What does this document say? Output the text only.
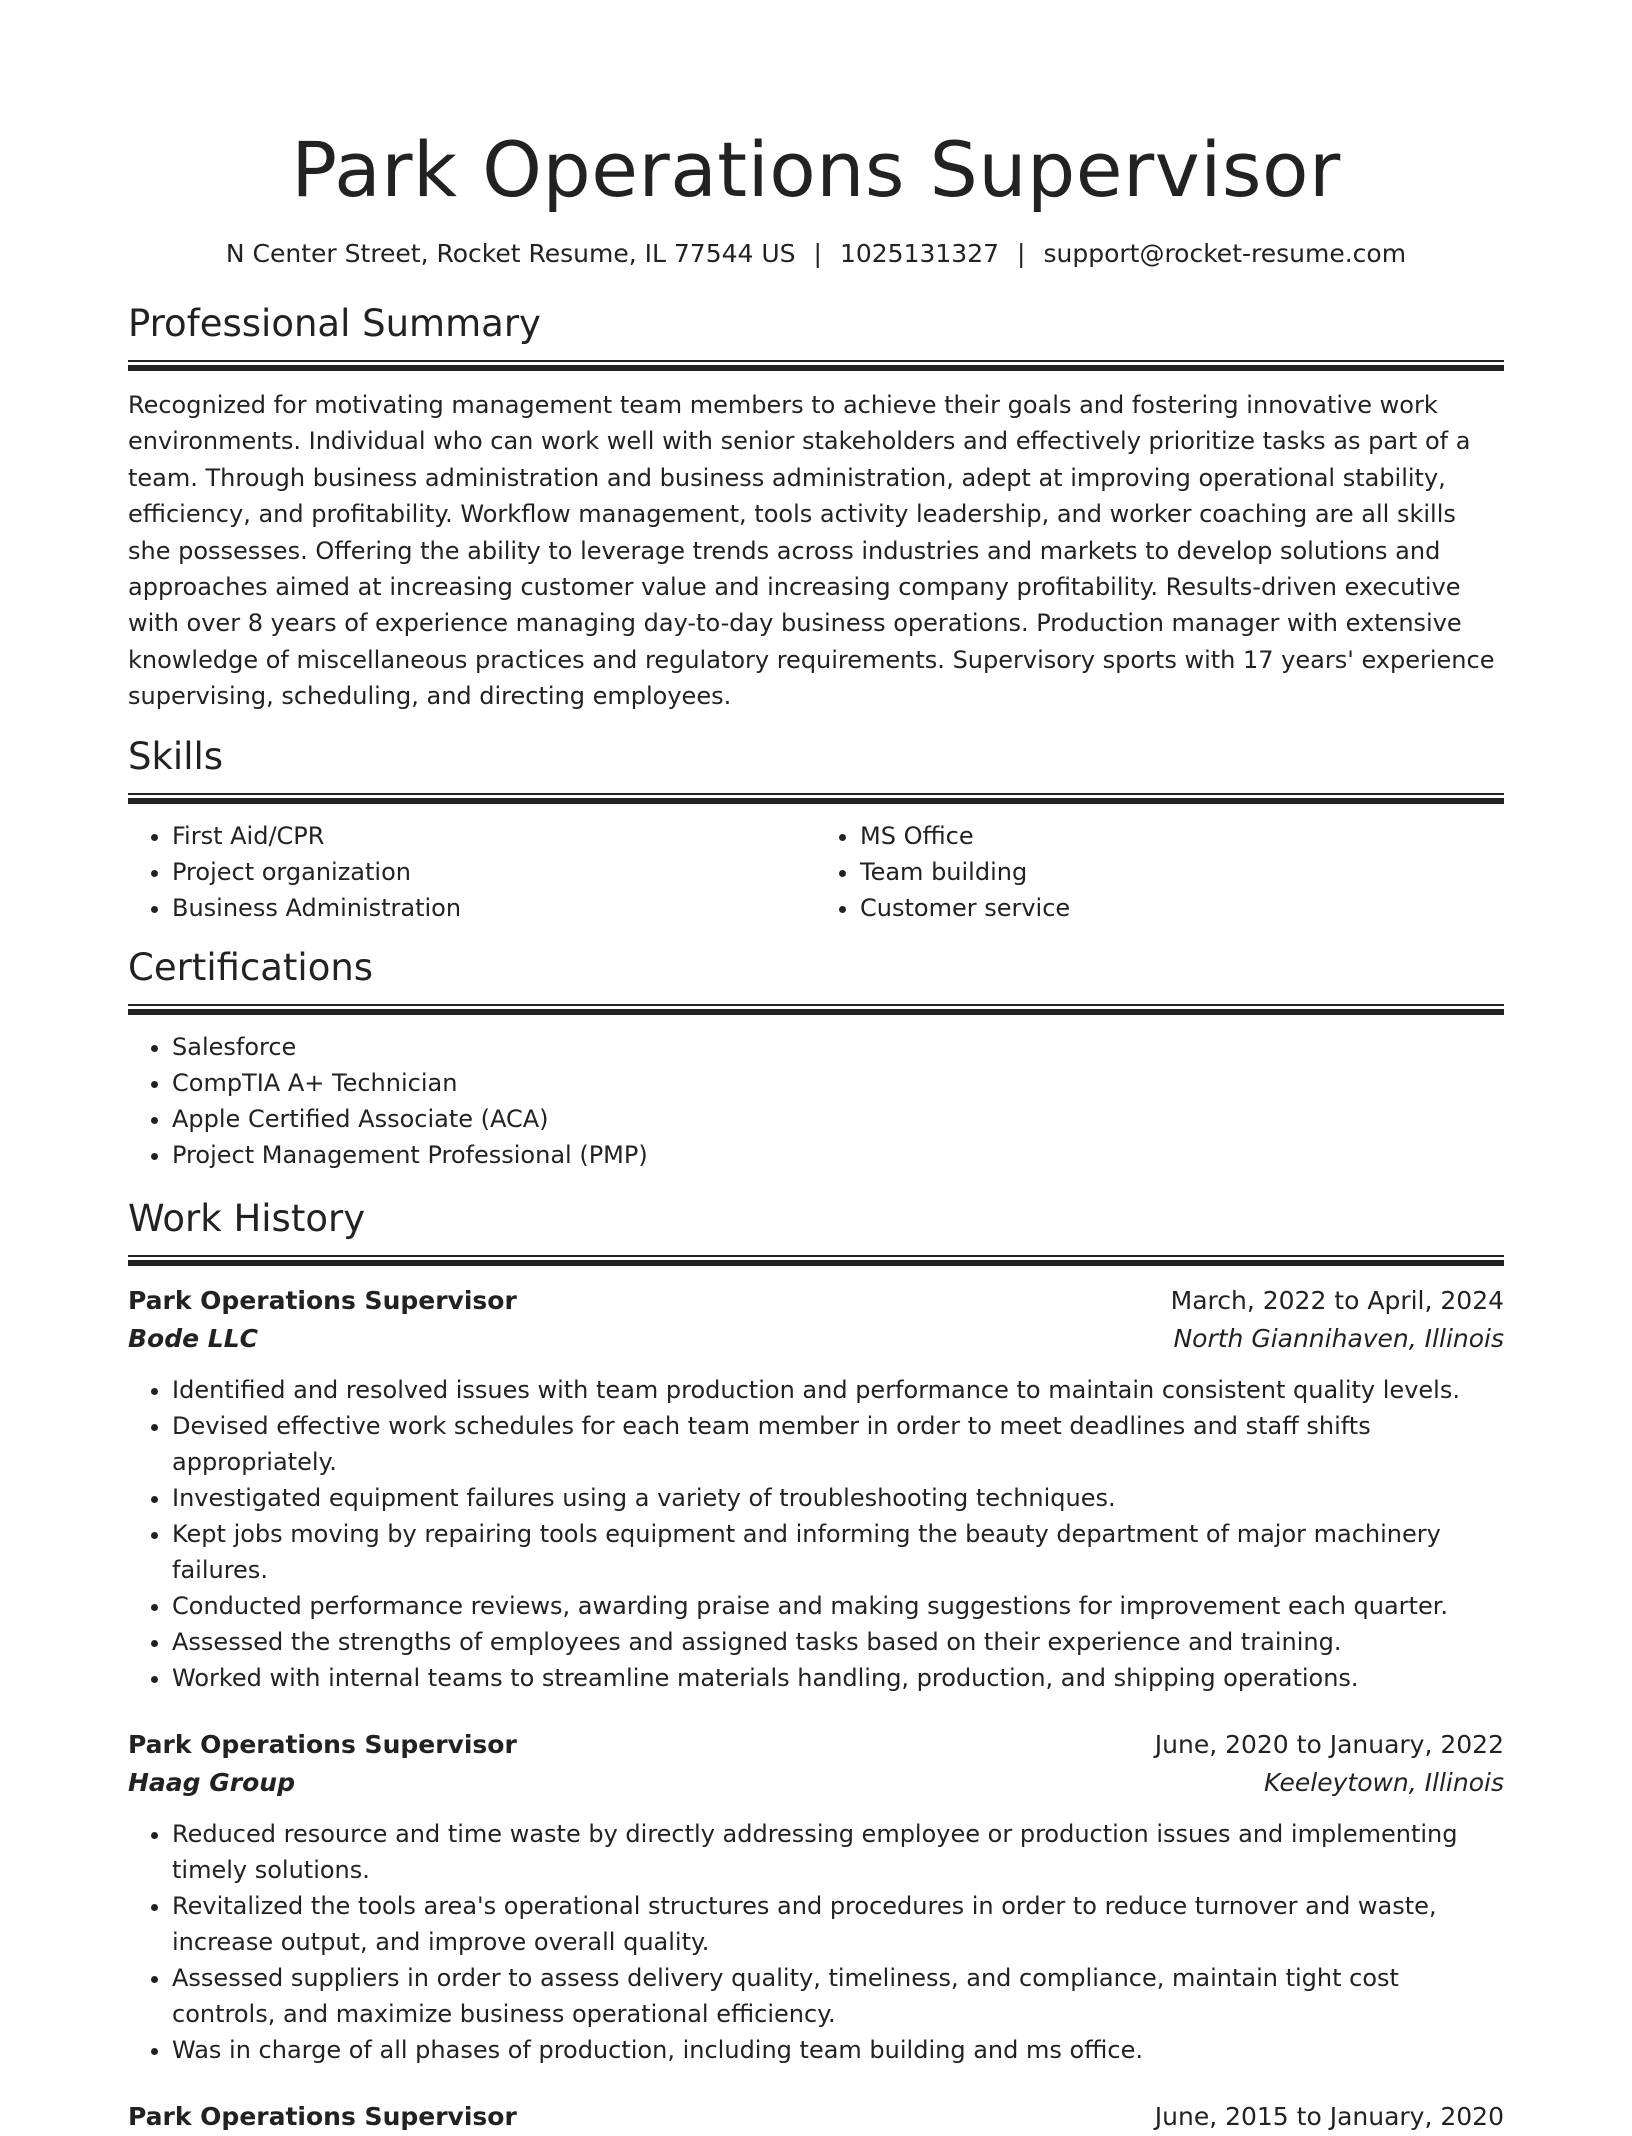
Park Operations Supervisor
N Center Street, Rocket Resume, IL 77544 US | 1025131327 | support@rocket-resume.com
Professional Summary

Recognized for motivating management team members to achieve their goals and fostering innovative work environments. Individual who can work well with senior stakeholders and effectively prioritize tasks as part of a team. Through business administration and business administration, adept at improving operational stability, efficiency, and profitability. Workflow management, tools activity leadership, and worker coaching are all skills she possesses. Offering the ability to leverage trends across industries and markets to develop solutions and approaches aimed at increasing customer value and increasing company profitability. Results-driven executive with over 8 years of experience managing day-to-day business operations. Production manager with extensive knowledge of miscellaneous practices and regulatory requirements. Supervisory sports with 17 years' experience supervising, scheduling, and directing employees.

Skills
• First Aid/CPR
• Project organization
• Business Administration
• MS Office
• Team building
• Customer service
Certifications
• Salesforce
• CompTIA A+ Technician
• Apple Certified Associate (ACA)
• Project Management Professional (PMP)
Work History
Park Operations Supervisor	March, 2022 to April, 2024
Bode LLC	North Giannihaven, Illinois
• Identified and resolved issues with team production and performance to maintain consistent quality levels.
• Devised effective work schedules for each team member in order to meet deadlines and staff shifts appropriately.
• Investigated equipment failures using a variety of troubleshooting techniques.
• Kept jobs moving by repairing tools equipment and informing the beauty department of major machinery failures.
• Conducted performance reviews, awarding praise and making suggestions for improvement each quarter.
• Assessed the strengths of employees and assigned tasks based on their experience and training.
• Worked with internal teams to streamline materials handling, production, and shipping operations.
Park Operations Supervisor	June, 2020 to January, 2022
Haag Group	Keeleytown, Illinois
• Reduced resource and time waste by directly addressing employee or production issues and implementing timely solutions.
• Revitalized the tools area's operational structures and procedures in order to reduce turnover and waste, increase output, and improve overall quality.
• Assessed suppliers in order to assess delivery quality, timeliness, and compliance, maintain tight cost controls, and maximize business operational efficiency.
• Was in charge of all phases of production, including team building and ms office.
Park Operations Supervisor	June, 2015 to January, 2020
